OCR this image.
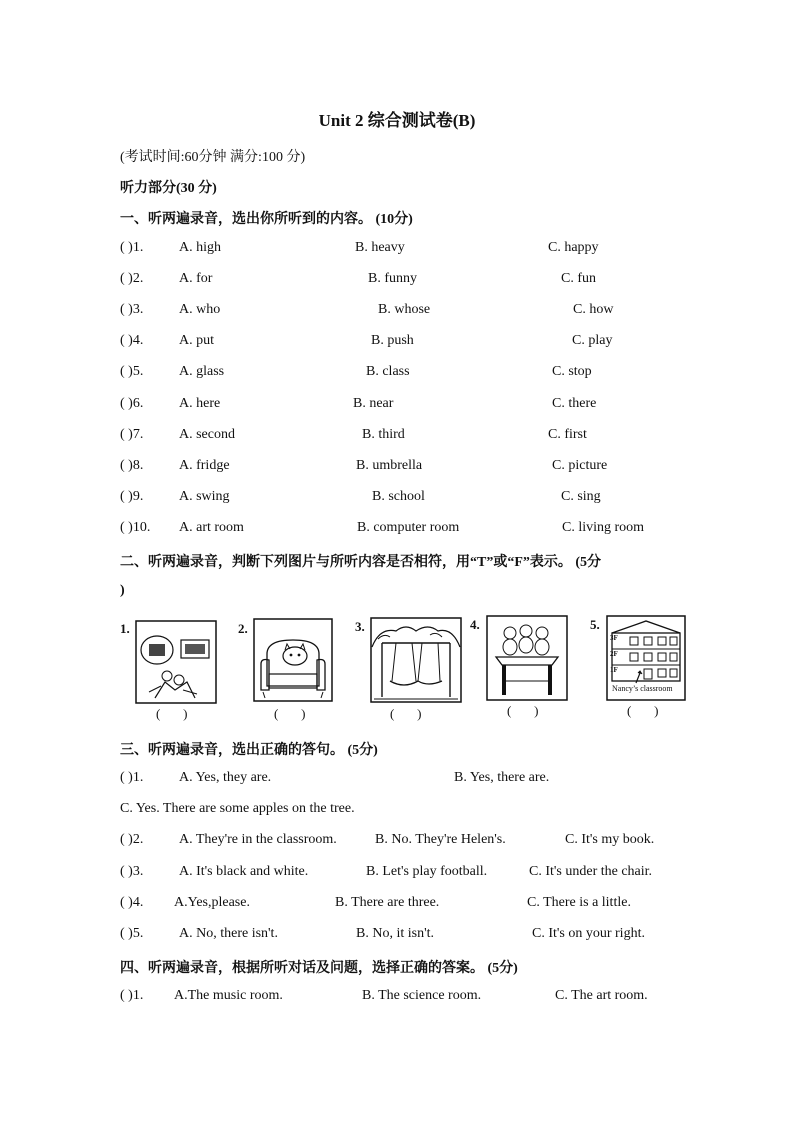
Unit 2 综合测试卷(B)
(考试时间:60分钟 满分:100 分)
听力部分(30 分)
一、听两遍录音，选出你所听到的内容。 (10分)
( )1.	A. high	B. heavy	C. happy
( )2.	A. for	B. funny	C. fun
( )3.	A. who	B. whose	C. how
( )4.	A. put	B. push	C. play
( )5.	A. glass	B. class	C. stop
( )6.	A. here	B. near	C. there
( )7.	A. second	B. third	C. first
( )8.	A. fridge	B. umbrella	C. picture
( )9.	A. swing	B. school	C. sing
( )10. A. art room	B. computer room	C. living room
二、听两遍录音，判断下列图片与所听内容是否相符，用“T”或“F”表示。 (5分
)
1.
(       )
2.
(       )
3.
(       )
4.
(       )
5.
3F
2F
1F
Nancy’s classroom
(       )
三、听两遍录音，选出正确的答句。 (5分)
( )1.	A. Yes, they are.	B. Yes, there are.
C. Yes. There are some apples on the tree.
( )2.	A. They're in the classroom.	B. No. They're Helen's.	C. It's my book.
( )3.	A. It's black and white.	B. Let's play football.	C. It's under the chair.
( )4. A.Yes,please.	B. There are three.	C. There is a little.
( )5.	A. No, there isn't.	B. No, it isn't.	C. It's on your right.
四、听两遍录音，根据所听对话及问题，选择正确的答案。 (5分)
( )1. A.The music room.	B. The science room.	C. The art room.
